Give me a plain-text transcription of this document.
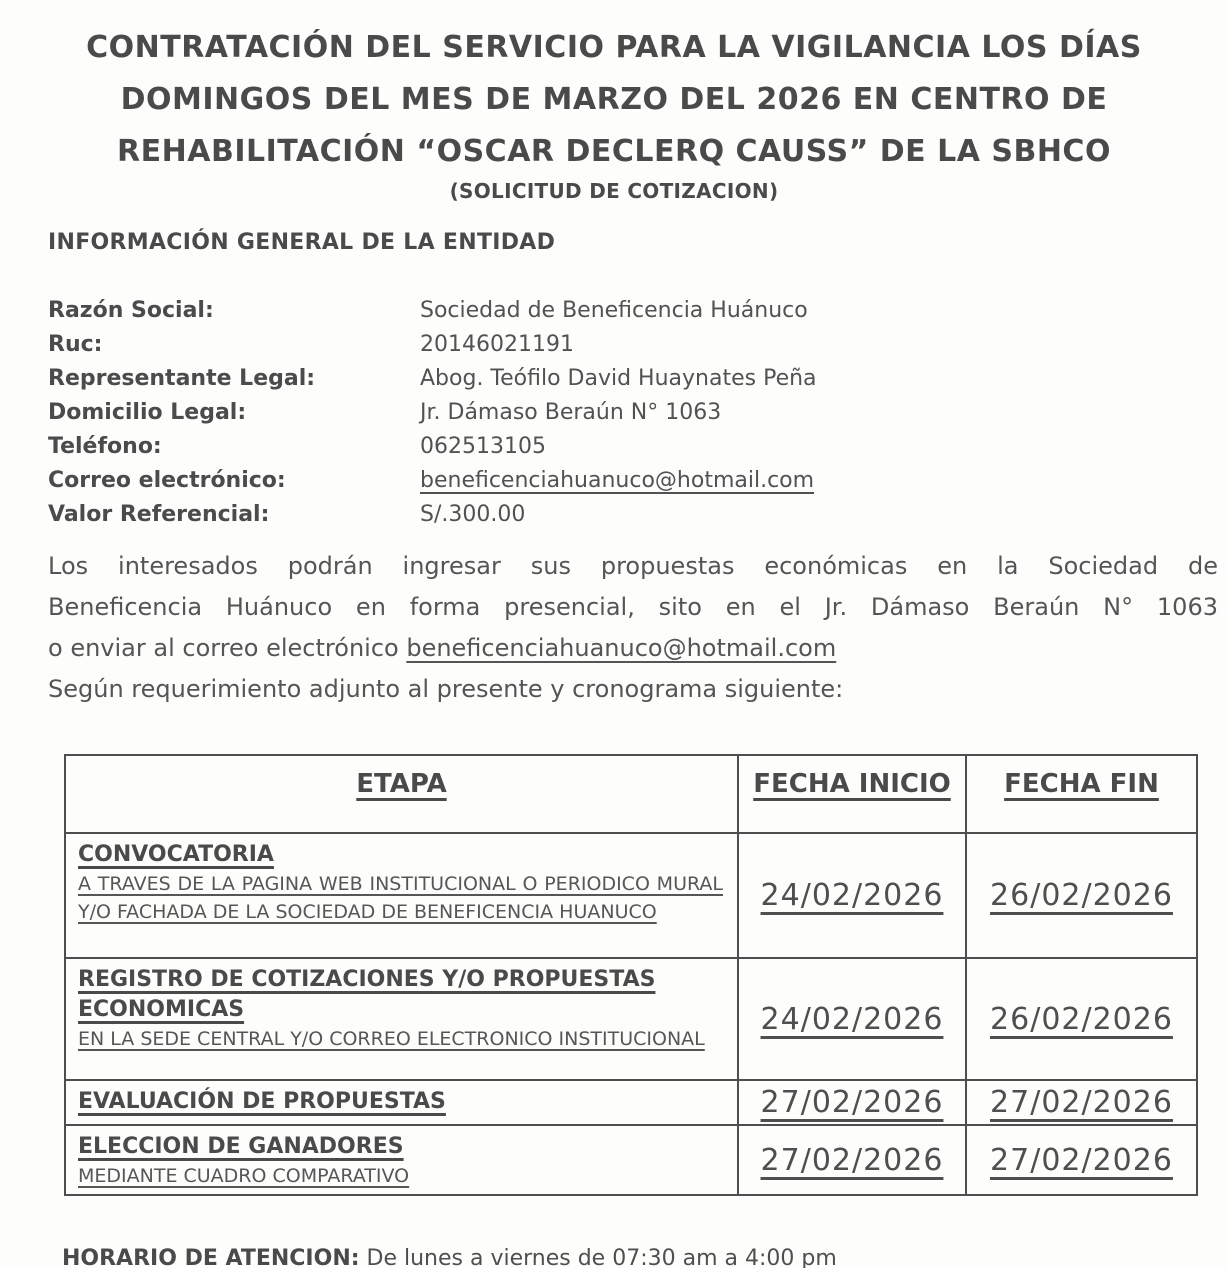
CONTRATACIÓN DEL SERVICIO PARA LA VIGILANCIA LOS DÍAS
DOMINGOS DEL MES DE MARZO DEL 2026 EN CENTRO DE
REHABILITACIÓN “OSCAR DECLERQ CAUSS” DE LA SBHCO
(SOLICITUD DE COTIZACION)
INFORMACIÓN GENERAL DE LA ENTIDAD
Razón Social:	Sociedad de Beneficencia Huánuco
Ruc:	20146021191
Representante Legal:	Abog. Teófilo David Huaynates Peña
Domicilio Legal:	Jr. Dámaso Beraún N° 1063
Teléfono:	062513105
Correo electrónico:	beneficenciahuanuco@hotmail.com
Valor Referencial:	S/.300.00
Los interesados podrán ingresar sus propuestas económicas en la Sociedad de
Beneficencia Huánuco en forma presencial, sito en el Jr. Dámaso Beraún N° 1063
o enviar al correo electrónico beneficenciahuanuco@hotmail.com
Según requerimiento adjunto al presente y cronograma siguiente:
ETAPA	FECHA INICIO	FECHA FIN

CONVOCATORIA
A TRAVES DE LA PAGINA WEB INSTITUCIONAL O PERIODICO MURAL Y/O FACHADA DE LA SOCIEDAD DE BENEFICENCIA HUANUCO	24/02/2026	26/02/2026

REGISTRO DE COTIZACIONES Y/O PROPUESTAS ECONOMICAS
EN LA SEDE CENTRAL Y/O CORREO ELECTRONICO INSTITUCIONAL	24/02/2026	26/02/2026

EVALUACIÓN DE PROPUESTAS	27/02/2026	27/02/2026

ELECCION DE GANADORES
MEDIANTE CUADRO COMPARATIVO	27/02/2026	27/02/2026
HORARIO DE ATENCION: De lunes a viernes de 07:30 am a 4:00 pm
